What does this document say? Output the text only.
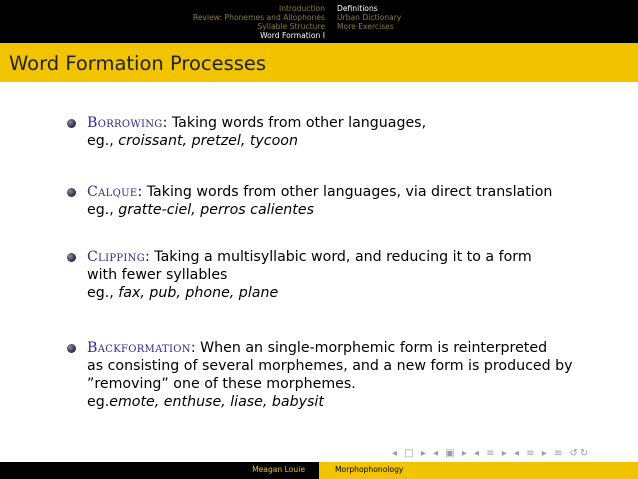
Introduction
Review: Phonemes and Allophones
Syllable Structure
Word Formation I
Definitions
Urban Dictionary
More Exercises
Word Formation Processes
Borrowing: Taking words from other languages,
eg., croissant, pretzel, tycoon
Calque: Taking words from other languages, via direct translation
eg., gratte-ciel, perros calientes
Clipping: Taking a multisyllabic word, and reducing it to a form
with fewer syllables
eg., fax, pub, phone, plane
Backformation: When an single-morphemic form is reinterpreted
as consisting of several morphemes, and a new form is produced by
”removing” one of these morphemes.
eg.emote, enthuse, liase, babysit
◂ □ ▸ ◂ ▣ ▸ ◂ ≡ ▸ ◂ ≡ ▸ ≡ ↺↻
Meagan Louie	Morphophonology
